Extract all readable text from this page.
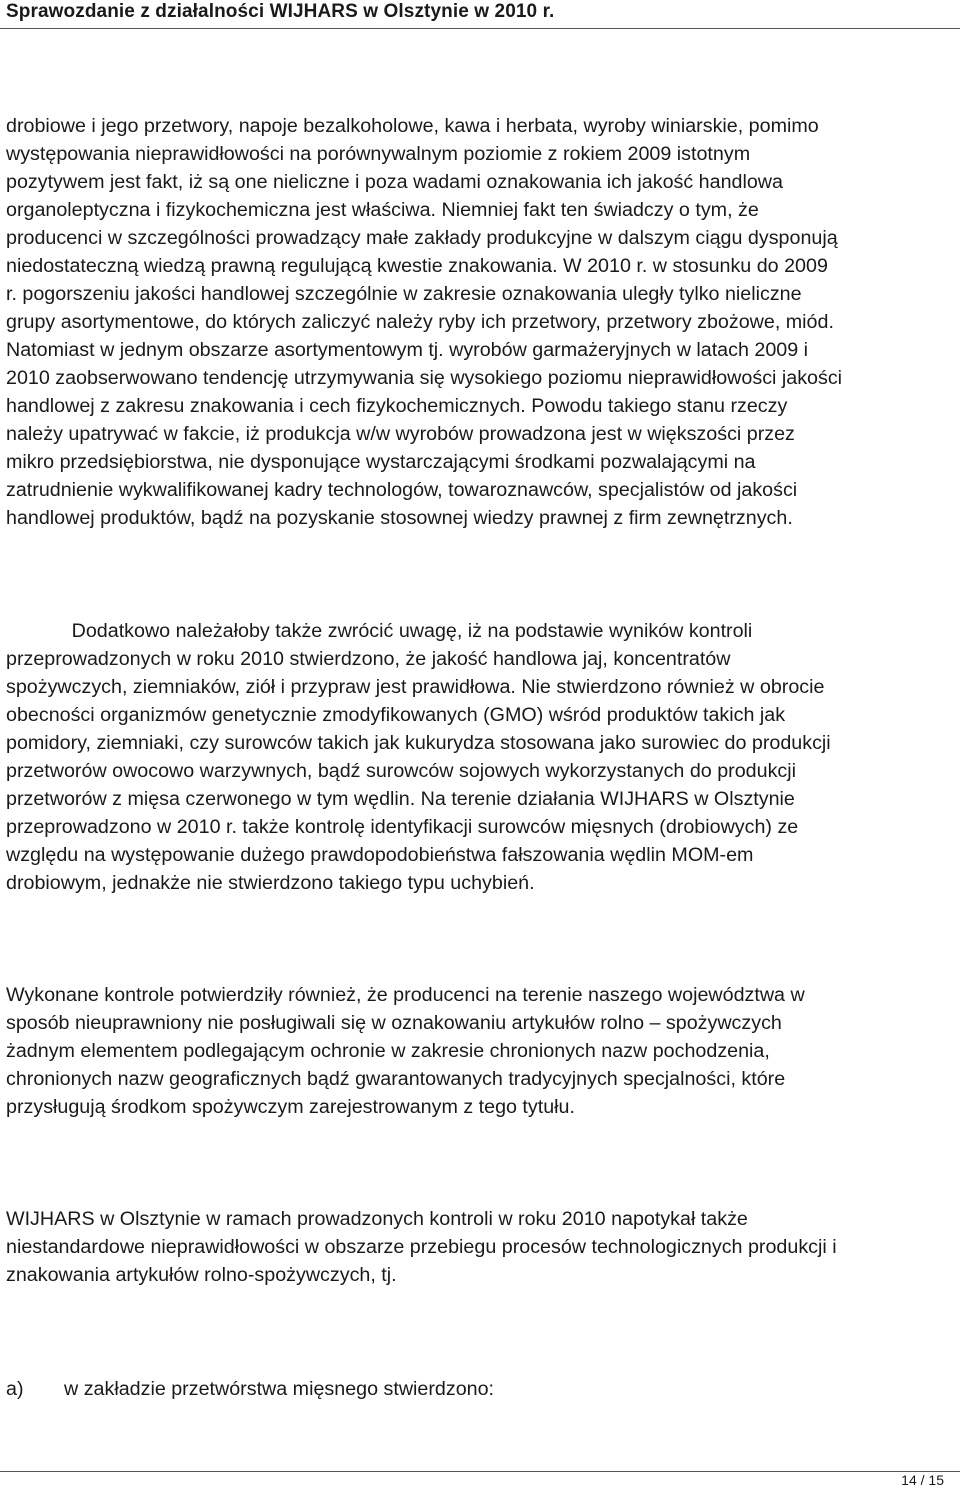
Sprawozdanie z działalności WIJHARS w Olsztynie w 2010 r.
drobiowe i jego przetwory, napoje bezalkoholowe, kawa i herbata, wyroby winiarskie, pomimo
występowania nieprawidłowości na porównywalnym poziomie z rokiem 2009 istotnym
pozytywem jest fakt, iż są one nieliczne i poza wadami oznakowania ich jakość handlowa
organoleptyczna i fizykochemiczna jest właściwa. Niemniej fakt ten świadczy o tym, że
producenci w szczególności prowadzący małe zakłady produkcyjne w dalszym ciągu dysponują
niedostateczną wiedzą prawną regulującą kwestie znakowania. W 2010 r. w stosunku do 2009
r. pogorszeniu jakości handlowej szczególnie w zakresie oznakowania uległy tylko nieliczne
grupy asortymentowe, do których zaliczyć należy ryby ich przetwory, przetwory zbożowe, miód.
Natomiast w jednym obszarze asortymentowym tj. wyrobów garmażeryjnych w latach 2009 i
2010 zaobserwowano tendencję utrzymywania się wysokiego poziomu nieprawidłowości jakości
handlowej z zakresu znakowania i cech fizykochemicznych. Powodu takiego stanu rzeczy
należy upatrywać w fakcie, iż produkcja w/w wyrobów prowadzona jest w większości przez
mikro przedsiębiorstwa, nie dysponujące wystarczającymi środkami pozwalającymi na
zatrudnienie wykwalifikowanej kadry technologów, towaroznawców, specjalistów od jakości
handlowej produktów, bądź na pozyskanie stosownej wiedzy prawnej z firm zewnętrznych.
Dodatkowo należałoby także zwrócić uwagę, iż na podstawie wyników kontroli
przeprowadzonych w roku 2010 stwierdzono, że jakość handlowa jaj, koncentratów
spożywczych, ziemniaków, ziół i przypraw jest prawidłowa. Nie stwierdzono również w obrocie
obecności organizmów genetycznie zmodyfikowanych (GMO) wśród produktów takich jak
pomidory, ziemniaki, czy surowców takich jak kukurydza stosowana jako surowiec do produkcji
przetworów owocowo warzywnych, bądź surowców sojowych wykorzystanych do produkcji
przetworów z mięsa czerwonego w tym wędlin. Na terenie działania WIJHARS w Olsztynie
przeprowadzono w 2010 r. także kontrolę identyfikacji surowców mięsnych (drobiowych) ze
względu na występowanie dużego prawdopodobieństwa fałszowania wędlin MOM-em
drobiowym, jednakże nie stwierdzono takiego typu uchybień.
Wykonane kontrole potwierdziły również, że producenci na terenie naszego województwa w
sposób nieuprawniony nie posługiwali się w oznakowaniu artykułów rolno – spożywczych
żadnym elementem podlegającym ochronie w zakresie chronionych nazw pochodzenia,
chronionych nazw geograficznych bądź gwarantowanych tradycyjnych specjalności, które
przysługują środkom spożywczym zarejestrowanym z tego tytułu.
WIJHARS w Olsztynie w ramach prowadzonych kontroli w roku 2010 napotykał także
niestandardowe nieprawidłowości w obszarze przebiegu procesów technologicznych produkcji i
znakowania artykułów rolno-spożywczych, tj.
a) w zakładzie przetwórstwa mięsnego stwierdzono:
14 / 15
